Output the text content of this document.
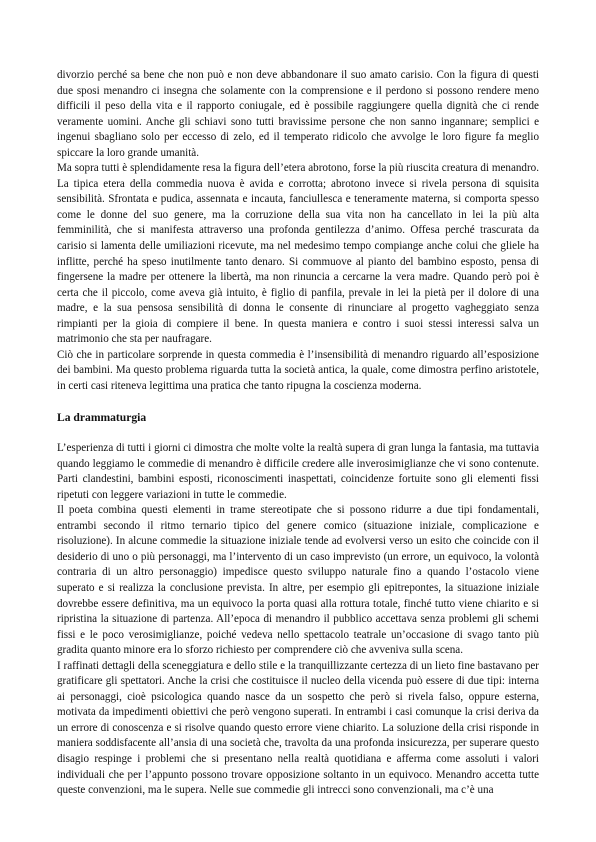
divorzio perché sa bene che non può e non deve abbandonare il suo amato carisio. Con la figura di questi due sposi menandro ci insegna che solamente con la comprensione e il perdono si possono rendere meno difficili il peso della vita e il rapporto coniugale, ed è possibile raggiungere quella dignità che ci rende veramente uomini. Anche gli schiavi sono tutti bravissime persone che non sanno ingannare; semplici e ingenui sbagliano solo per eccesso di zelo, ed il temperato ridicolo che avvolge le loro figure fa meglio spiccare la loro grande umanità.

Ma sopra tutti è splendidamente resa la figura dell’etera abrotono, forse la più riuscita creatura di menandro. La tipica etera della commedia nuova è avida e corrotta; abrotono invece si rivela persona di squisita sensibilità. Sfrontata e pudica, assennata e incauta, fanciullesca e teneramente materna, si comporta spesso come le donne del suo genere, ma la corruzione della sua vita non ha cancellato in lei la più alta femminilità, che si manifesta attraverso una profonda gentilezza d’animo. Offesa perché trascurata da carisio si lamenta delle umiliazioni ricevute, ma nel medesimo tempo compiange anche colui che gliele ha inflitte, perché ha speso inutilmente tanto denaro. Si commuove al pianto del bambino esposto, pensa di fingersene la madre per ottenere la libertà, ma non rinuncia a cercarne la vera madre. Quando però poi è certa che il piccolo, come aveva già intuito, è figlio di panfila, prevale in lei la pietà per il dolore di una madre, e la sua pensosa sensibilità di donna le consente di rinunciare al progetto vagheggiato senza rimpianti per la gioia di compiere il bene. In questa maniera e contro i suoi stessi interessi salva un matrimonio che sta per naufragare.

Ciò che in particolare sorprende in questa commedia è l’insensibilità di menandro riguardo all’esposizione dei bambini. Ma questo problema riguarda tutta la società antica, la quale, come dimostra perfino aristotele, in certi casi riteneva legittima una pratica che tanto ripugna la coscienza moderna.

La drammaturgia

L’esperienza di tutti i giorni ci dimostra che molte volte la realtà supera di gran lunga la fantasia, ma tuttavia quando leggiamo le commedie di menandro è difficile credere alle inverosimiglianze che vi sono contenute. Parti clandestini, bambini esposti, riconoscimenti inaspettati, coincidenze fortuite sono gli elementi fissi ripetuti con leggere variazioni in tutte le commedie.

Il poeta combina questi elementi in trame stereotipate che si possono ridurre a due tipi fondamentali, entrambi secondo il ritmo ternario tipico del genere comico (situazione iniziale, complicazione e risoluzione). In alcune commedie la situazione iniziale tende ad evolversi verso un esito che coincide con il desiderio di uno o più personaggi, ma l’intervento di un caso imprevisto (un errore, un equivoco, la volontà contraria di un altro personaggio) impedisce questo sviluppo naturale fino a quando l’ostacolo viene superato e si realizza la conclusione prevista. In altre, per esempio gli epitrepontes, la situazione iniziale dovrebbe essere definitiva, ma un equivoco la porta quasi alla rottura totale, finché tutto viene chiarito e si ripristina la situazione di partenza. All’epoca di menandro il pubblico accettava senza problemi gli schemi fissi e le poco verosimiglianze, poiché vedeva nello spettacolo teatrale un’occasione di svago tanto più gradita quanto minore era lo sforzo richiesto per comprendere ciò che avveniva sulla scena.

I raffinati dettagli della sceneggiatura e dello stile e la tranquillizzante certezza di un lieto fine bastavano per gratificare gli spettatori. Anche la crisi che costituisce il nucleo della vicenda può essere di due tipi: interna ai personaggi, cioè psicologica quando nasce da un sospetto che però si rivela falso, oppure esterna, motivata da impedimenti obiettivi che però vengono superati. In entrambi i casi comunque la crisi deriva da un errore di conoscenza e si risolve quando questo errore viene chiarito. La soluzione della crisi risponde in maniera soddisfacente all’ansia di una società che, travolta da una profonda insicurezza, per superare questo disagio respinge i problemi che si presentano nella realtà quotidiana e afferma come assoluti i valori individuali che per l’appunto possono trovare opposizione soltanto in un equivoco. Menandro accetta tutte queste convenzioni, ma le supera. Nelle sue commedie gli intrecci sono convenzionali, ma c’è una
